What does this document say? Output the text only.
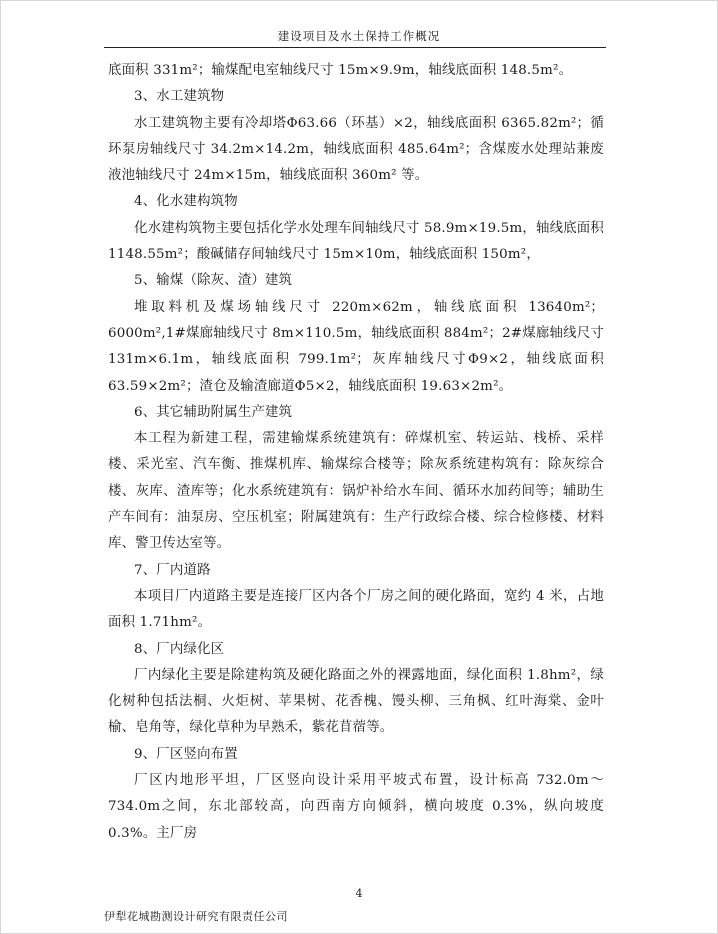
建设项目及水土保持工作概况

底面积 331m²；输煤配电室轴线尺寸 15m×9.9m，轴线底面积 148.5m²。

3、水工建筑物

水工建筑物主要有冷却塔Φ63.66（环基）×2，轴线底面积 6365.82m²；循环泵房轴线尺寸 34.2m×14.2m，轴线底面积 485.64m²；含煤废水处理站兼废液池轴线尺寸 24m×15m，轴线底面积 360m² 等。

4、化水建构筑物

化水建构筑物主要包括化学水处理车间轴线尺寸 58.9m×19.5m，轴线底面积 1148.55m²；酸碱储存间轴线尺寸 15m×10m，轴线底面积 150m²，

5、输煤（除灰、渣）建筑

堆取料机及煤场轴线尺寸 220m×62m，轴线底面积 13640m²；6000m²,1#煤廊轴线尺寸 8m×110.5m，轴线底面积 884m²；2#煤廊轴线尺寸 131m×6.1m，轴线底面积 799.1m²；灰库轴线尺寸Φ9×2，轴线底面积 63.59×2m²；渣仓及输渣廊道Φ5×2，轴线底面积 19.63×2m²。

6、其它辅助附属生产建筑

本工程为新建工程，需建输煤系统建筑有：碎煤机室、转运站、栈桥、采样楼、采光室、汽车衡、推煤机库、输煤综合楼等；除灰系统建构筑有：除灰综合楼、灰库、渣库等；化水系统建筑有：锅炉补给水车间、循环水加药间等；辅助生产车间有：油泵房、空压机室；附属建筑有：生产行政综合楼、综合检修楼、材料库、警卫传达室等。

7、厂内道路

本项目厂内道路主要是连接厂区内各个厂房之间的硬化路面，宽约 4 米，占地面积 1.71hm²。

8、厂内绿化区

厂内绿化主要是除建构筑及硬化路面之外的裸露地面，绿化面积 1.8hm²，绿化树种包括法桐、火炬树、苹果树、花香槐、馒头柳、三角枫、红叶海棠、金叶榆、皂角等，绿化草种为早熟禾，紫花苜蓿等。

9、厂区竖向布置

厂区内地形平坦，厂区竖向设计采用平坡式布置，设计标高 732.0m～734.0m之间，东北部较高，向西南方向倾斜，横向坡度 0.3%，纵向坡度 0.3%。主厂房

4
伊犁花城勘测设计研究有限责任公司
